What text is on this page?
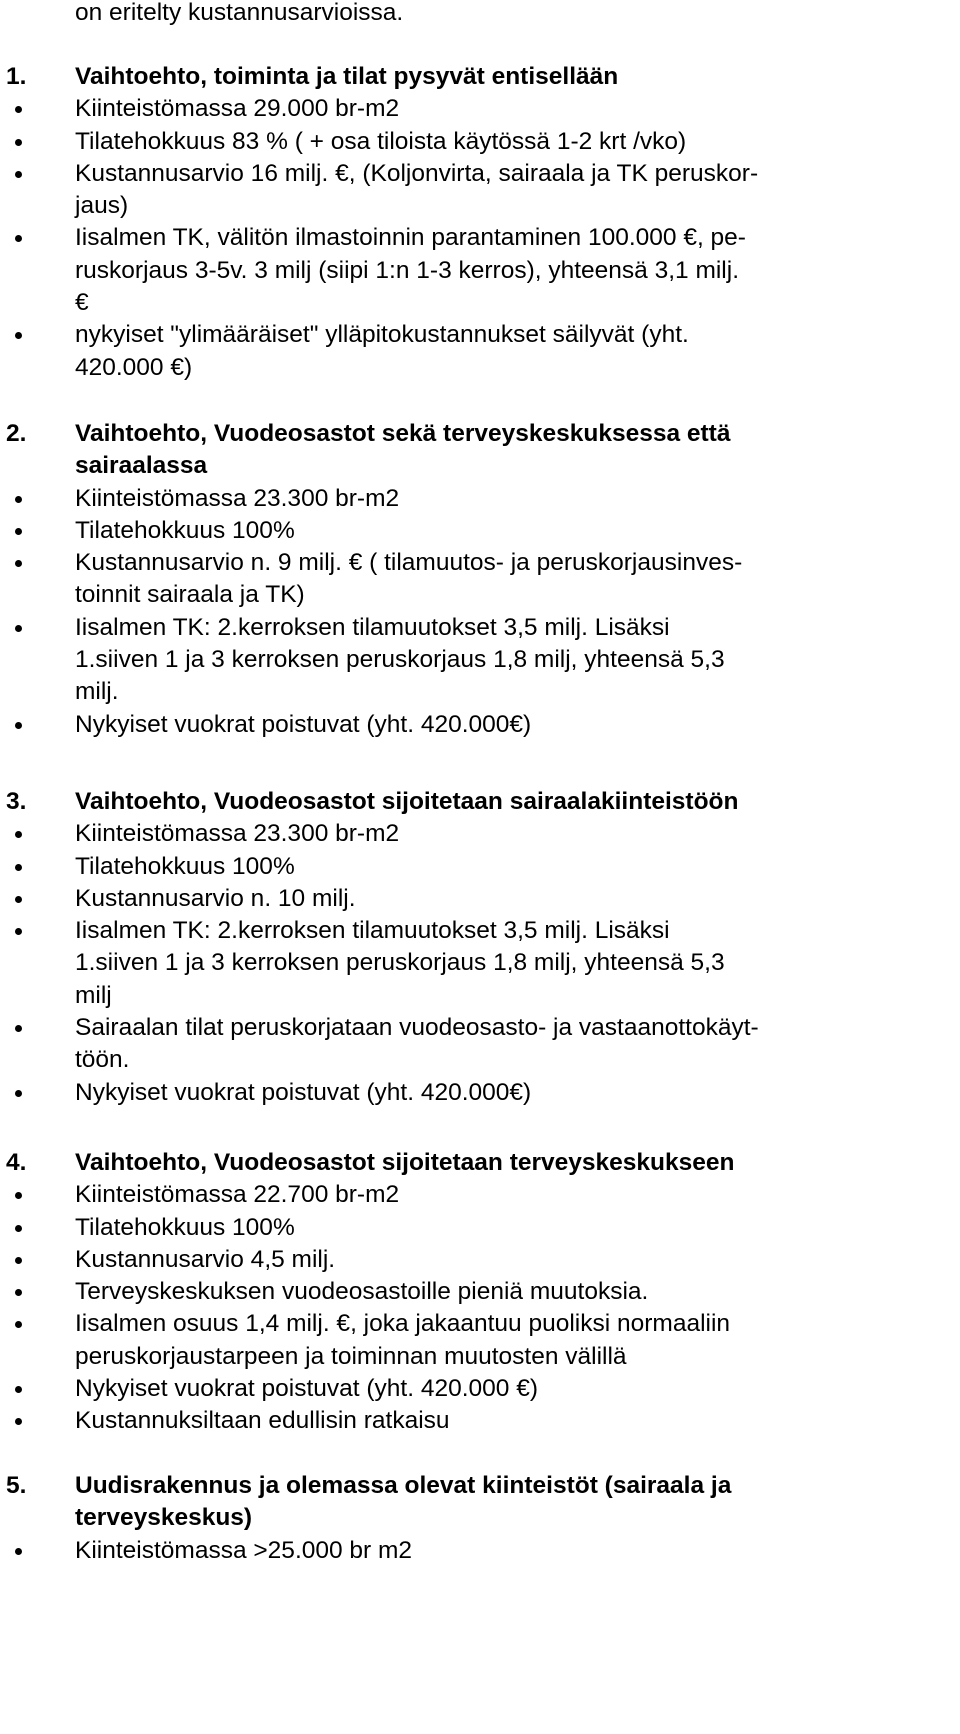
on eritelty kustannusarvioissa.

1. Vaihtoehto, toiminta ja tilat pysyvät entisellään
Kiinteistömassa 29.000 br-m2
Tilatehokkuus 83 % ( + osa tiloista käytössä 1-2 krt /vko)
Kustannusarvio 16 milj. €, (Koljonvirta, sairaala ja TK peruskor-
jaus)
Iisalmen TK, välitön ilmastoinnin parantaminen 100.000 €, pe-
ruskorjaus 3-5v. 3 milj (siipi 1:n 1-3 kerros), yhteensä 3,1 milj.
€
nykyiset "ylimääräiset" ylläpitokustannukset säilyvät (yht.
420.000 €)
2. Vaihtoehto, Vuodeosastot sekä terveyskeskuksessa että
sairaalassa
Kiinteistömassa 23.300 br-m2
Tilatehokkuus 100%
Kustannusarvio n. 9 milj. € ( tilamuutos- ja peruskorjausinves-
toinnit sairaala ja TK)
Iisalmen TK: 2.kerroksen tilamuutokset 3,5 milj. Lisäksi
1.siiven 1 ja 3 kerroksen peruskorjaus 1,8 milj, yhteensä 5,3
milj.
Nykyiset vuokrat poistuvat (yht. 420.000€)
3. Vaihtoehto, Vuodeosastot sijoitetaan sairaalakiinteistöön
Kiinteistömassa 23.300 br-m2
Tilatehokkuus 100%
Kustannusarvio n. 10 milj.
Iisalmen TK: 2.kerroksen tilamuutokset 3,5 milj. Lisäksi
1.siiven 1 ja 3 kerroksen peruskorjaus 1,8 milj, yhteensä 5,3
milj
Sairaalan tilat peruskorjataan vuodeosasto- ja vastaanottokäyt-
töön.
Nykyiset vuokrat poistuvat (yht. 420.000€)
4. Vaihtoehto, Vuodeosastot sijoitetaan terveyskeskukseen
Kiinteistömassa 22.700 br-m2
Tilatehokkuus 100%
Kustannusarvio 4,5 milj.
Terveyskeskuksen vuodeosastoille pieniä muutoksia.
Iisalmen osuus 1,4 milj. €, joka jakaantuu puoliksi normaaliin
peruskorjaustarpeen ja toiminnan muutosten välillä
Nykyiset vuokrat poistuvat (yht. 420.000 €)
Kustannuksiltaan edullisin ratkaisu
5. Uudisrakennus ja olemassa olevat kiinteistöt (sairaala ja
terveyskeskus)
Kiinteistömassa >25.000 br m2
